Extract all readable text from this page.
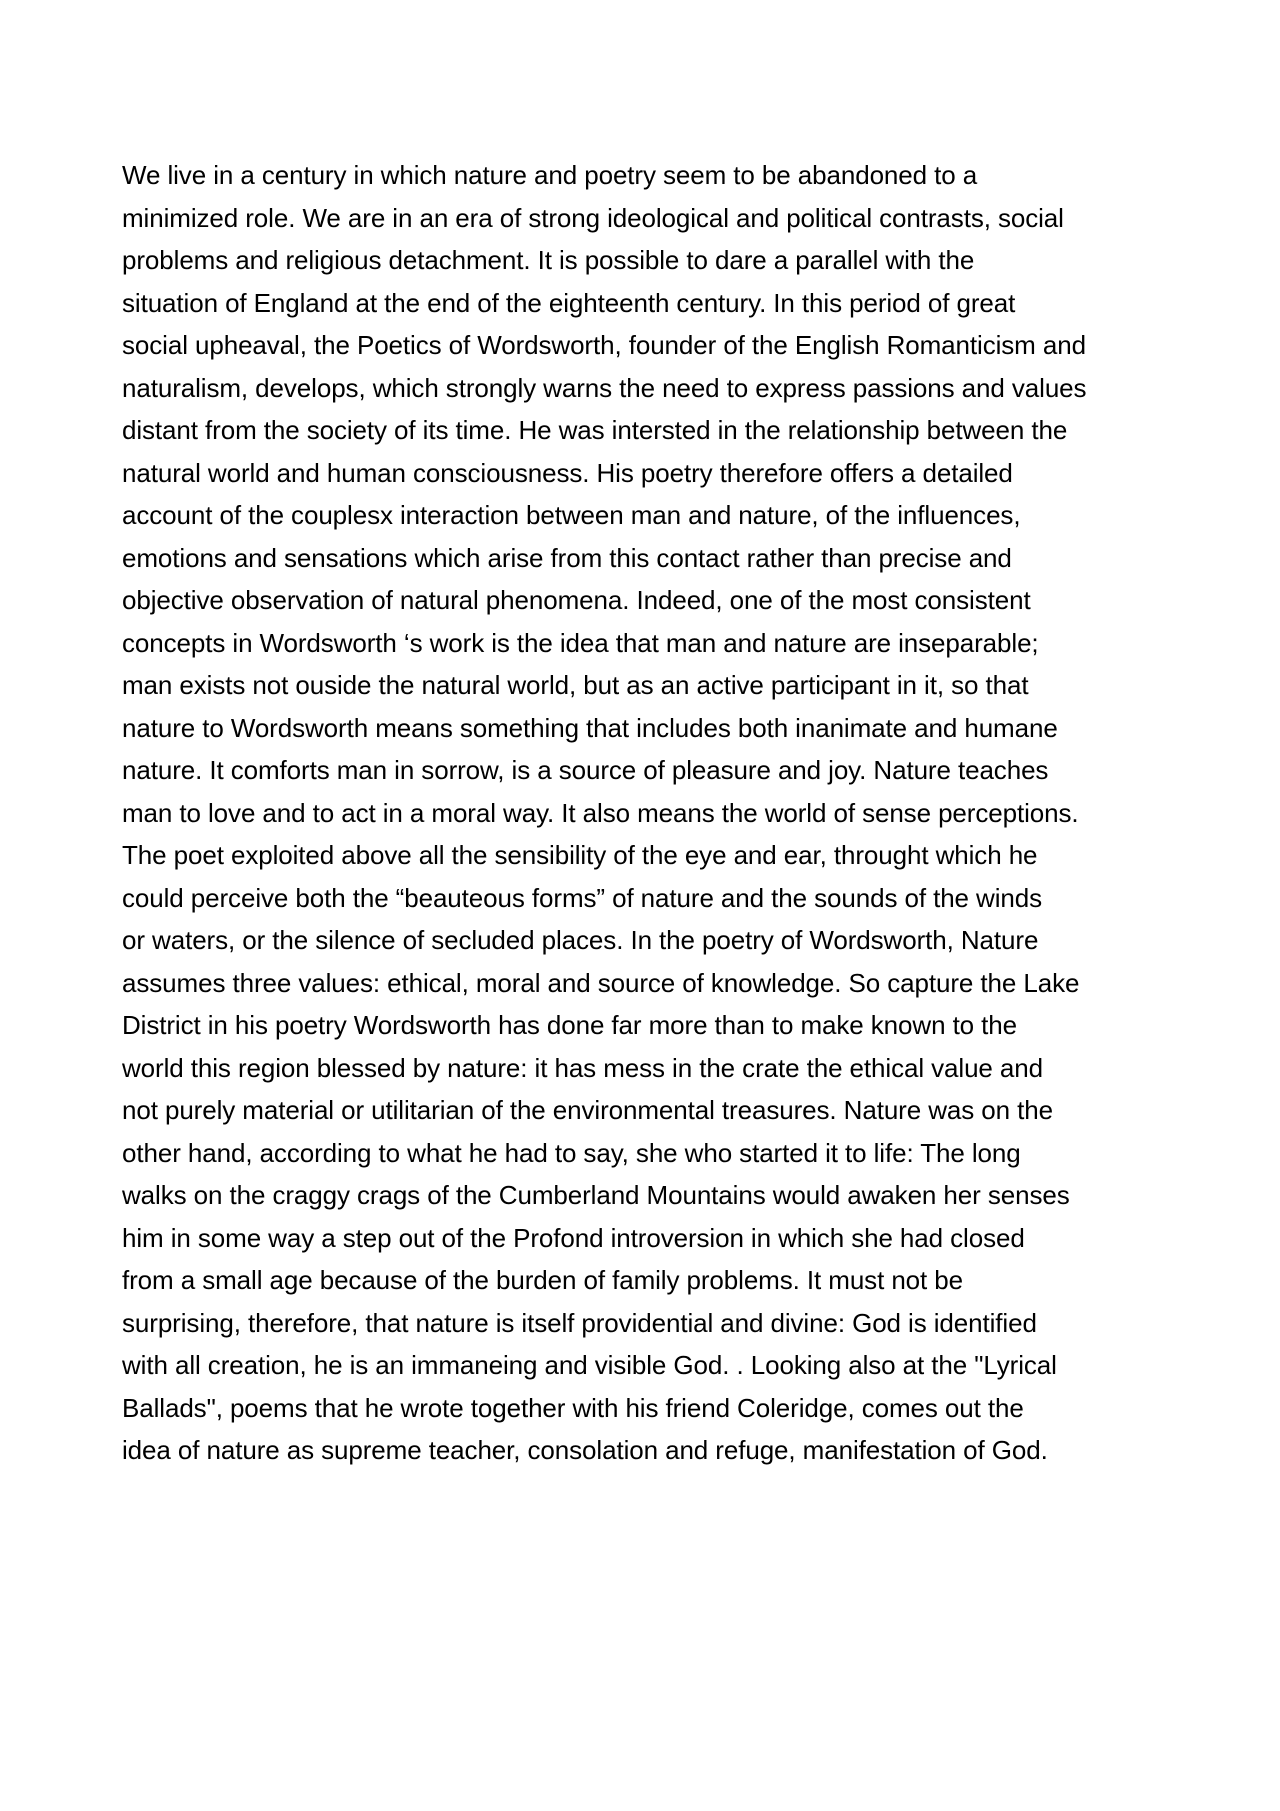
We live in a century in which nature and poetry seem to be abandoned to a
minimized role. We are in an era of strong ideological and political contrasts, social
problems and religious detachment. It is possible to dare a parallel with the
situation of England at the end of the eighteenth century. In this period of great
social upheaval, the Poetics of Wordsworth, founder of the English Romanticism and
naturalism, develops, which strongly warns the need to express passions and values
distant from the society of its time. He was intersted in the relationship between the
natural world and human consciousness. His poetry therefore offers a detailed
account of the couplesx interaction between man and nature, of the influences,
emotions and sensations which arise from this contact rather than precise and
objective observation of natural phenomena. Indeed, one of the most consistent
concepts in Wordsworth ‘s work is the idea that man and nature are inseparable;
man exists not ouside the natural world, but as an active participant in it, so that
nature to Wordsworth means something that includes both inanimate and humane
nature. It comforts man in sorrow, is a source of pleasure and joy. Nature teaches
man to love and to act in a moral way. It also means the world of sense perceptions.
The poet exploited above all the sensibility of the eye and ear, throught which he
could perceive both the “beauteous forms” of nature and the sounds of the winds
or waters, or the silence of secluded places. In the poetry of Wordsworth, Nature
assumes three values: ethical, moral and source of knowledge. So capture the Lake
District in his poetry Wordsworth has done far more than to make known to the
world this region blessed by nature: it has mess in the crate the ethical value and
not purely material or utilitarian of the environmental treasures. Nature was on the
other hand, according to what he had to say, she who started it to life: The long
walks on the craggy crags of the Cumberland Mountains would awaken her senses
him in some way a step out of the Profond introversion in which she had closed
from a small age because of the burden of family problems. It must not be
surprising, therefore, that nature is itself providential and divine: God is identified
with all creation, he is an immaneing and visible God. . Looking also at the "Lyrical
Ballads", poems that he wrote together with his friend Coleridge, comes out the
idea of nature as supreme teacher, consolation and refuge, manifestation of God.
